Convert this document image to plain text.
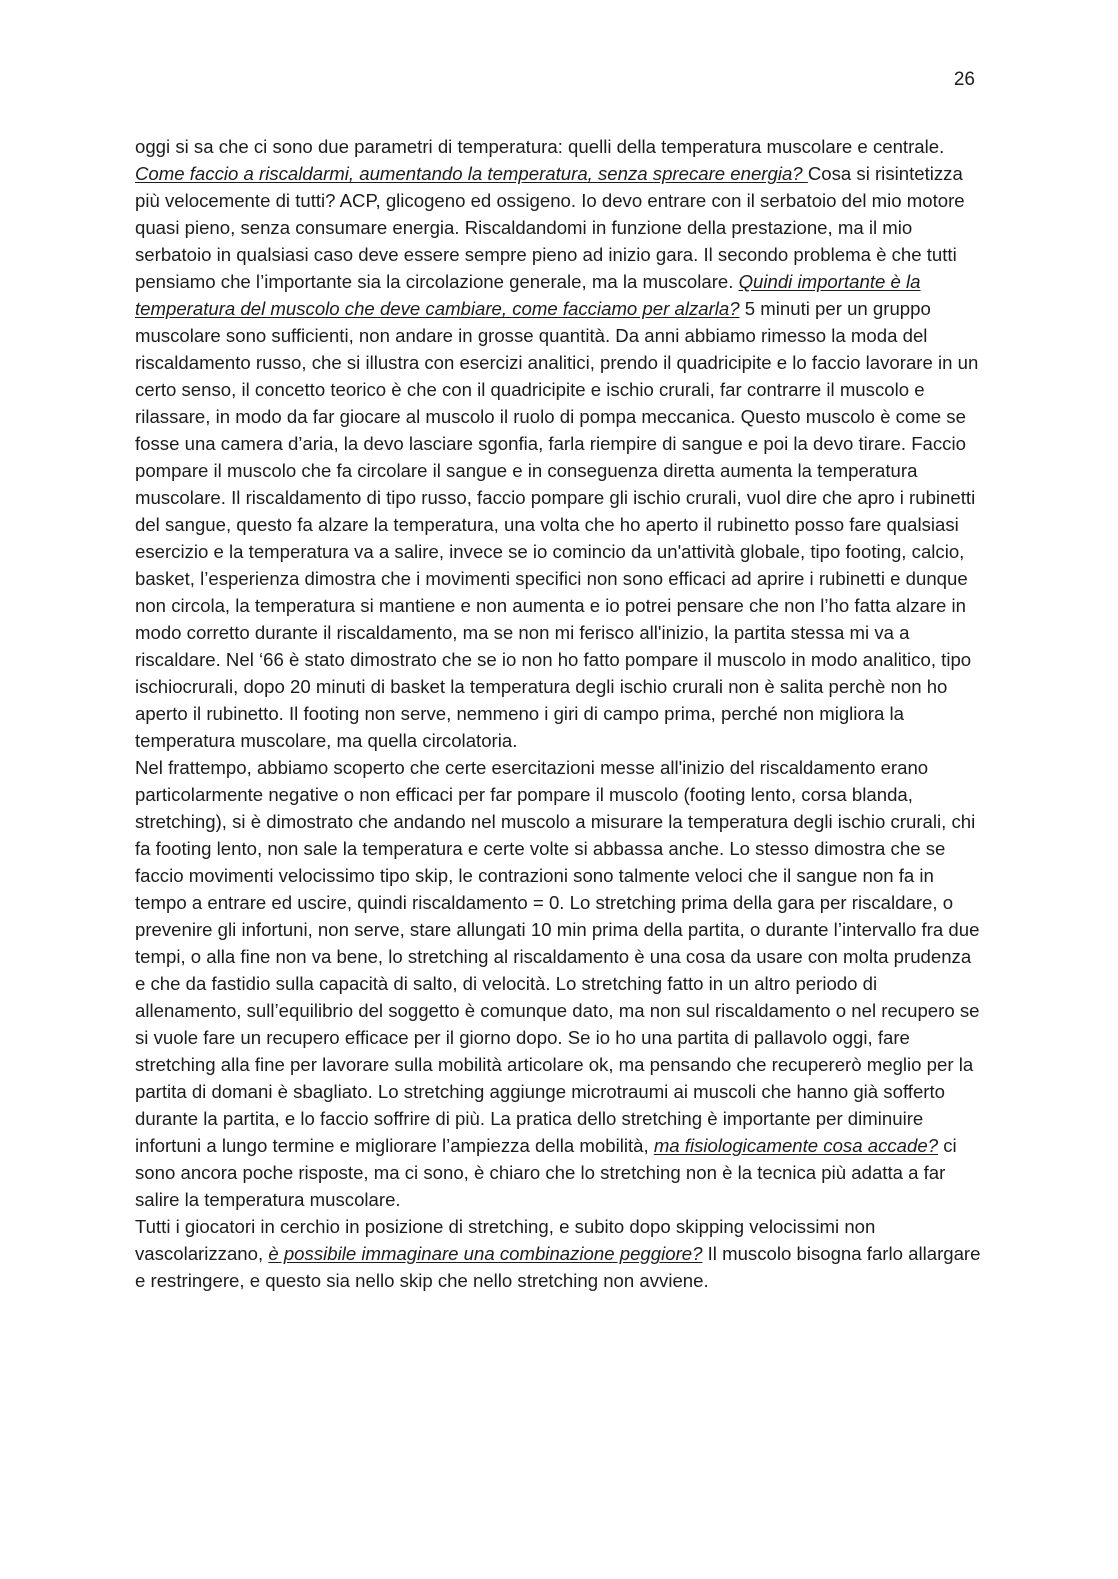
26

oggi si sa che ci sono due parametri di temperatura: quelli della temperatura muscolare e centrale.

Come faccio a riscaldarmi, aumentando la temperatura, senza sprecare energia? Cosa si risintetizza più velocemente di tutti? ACP, glicogeno ed ossigeno. Io devo entrare con il serbatoio del mio motore quasi pieno, senza consumare energia. Riscaldandomi in funzione della prestazione, ma il mio serbatoio in qualsiasi caso deve essere sempre pieno ad inizio gara. Il secondo problema è che tutti pensiamo che l’importante sia la circolazione generale, ma la muscolare. Quindi importante è la temperatura del muscolo che deve cambiare, come facciamo per alzarla? 5 minuti per un gruppo muscolare sono sufficienti, non andare in grosse quantità. Da anni abbiamo rimesso la moda del riscaldamento russo, che si illustra con esercizi analitici, prendo il quadricipite e lo faccio lavorare in un certo senso, il concetto teorico è che con il quadricipite e ischio crurali, far contrarre il muscolo e rilassare, in modo da far giocare al muscolo il ruolo di pompa meccanica. Questo muscolo è come se fosse una camera d’aria, la devo lasciare sgonfia, farla riempire di sangue e poi la devo tirare. Faccio pompare il muscolo che fa circolare il sangue e in conseguenza diretta aumenta la temperatura muscolare. Il riscaldamento di tipo russo, faccio pompare gli ischio crurali, vuol dire che apro i rubinetti del sangue, questo fa alzare la temperatura, una volta che ho aperto il rubinetto posso fare qualsiasi esercizio e la temperatura va a salire, invece se io comincio da un'attività globale, tipo footing, calcio, basket, l’esperienza dimostra che i movimenti specifici non sono efficaci ad aprire i rubinetti e dunque non circola, la temperatura si mantiene e non aumenta e io potrei pensare che non l’ho fatta alzare in modo corretto durante il riscaldamento, ma se non mi ferisco all'inizio, la partita stessa mi va a riscaldare. Nel ‘66 è stato dimostrato che se io non ho fatto pompare il muscolo in modo analitico, tipo ischiocrurali, dopo 20 minuti di basket la temperatura degli ischio crurali non è salita perchè non ho aperto il rubinetto. Il footing non serve, nemmeno i giri di campo prima, perché non migliora la temperatura muscolare, ma quella circolatoria.

Nel frattempo, abbiamo scoperto che certe esercitazioni messe all'inizio del riscaldamento erano particolarmente negative o non efficaci per far pompare il muscolo (footing lento, corsa blanda, stretching), si è dimostrato che andando nel muscolo a misurare la temperatura degli ischio crurali, chi fa footing lento, non sale la temperatura e certe volte si abbassa anche. Lo stesso dimostra che se faccio movimenti velocissimo tipo skip, le contrazioni sono talmente veloci che il sangue non fa in tempo a entrare ed uscire, quindi riscaldamento = 0. Lo stretching prima della gara per riscaldare, o prevenire gli infortuni, non serve, stare allungati 10 min prima della partita, o durante l’intervallo fra due tempi, o alla fine non va bene, lo stretching al riscaldamento è una cosa da usare con molta prudenza e che da fastidio sulla capacità di salto, di velocità. Lo stretching fatto in un altro periodo di allenamento, sull’equilibrio del soggetto è comunque dato, ma non sul riscaldamento o nel recupero se si vuole fare un recupero efficace per il giorno dopo. Se io ho una partita di pallavolo oggi, fare stretching alla fine per lavorare sulla mobilità articolare ok, ma pensando che recupererò meglio per la partita di domani è sbagliato. Lo stretching aggiunge microtraumi ai muscoli che hanno già sofferto durante la partita, e lo faccio soffrire di più. La pratica dello stretching è importante per diminuire infortuni a lungo termine e migliorare l’ampiezza della mobilità, ma fisiologicamente cosa accade? ci sono ancora poche risposte, ma ci sono, è chiaro che lo stretching non è la tecnica più adatta a far salire la temperatura muscolare.

Tutti i giocatori in cerchio in posizione di stretching, e subito dopo skipping velocissimi non vascolarizzano, è possibile immaginare una combinazione peggiore? Il muscolo bisogna farlo allargare e restringere, e questo sia nello skip che nello stretching non avviene.
